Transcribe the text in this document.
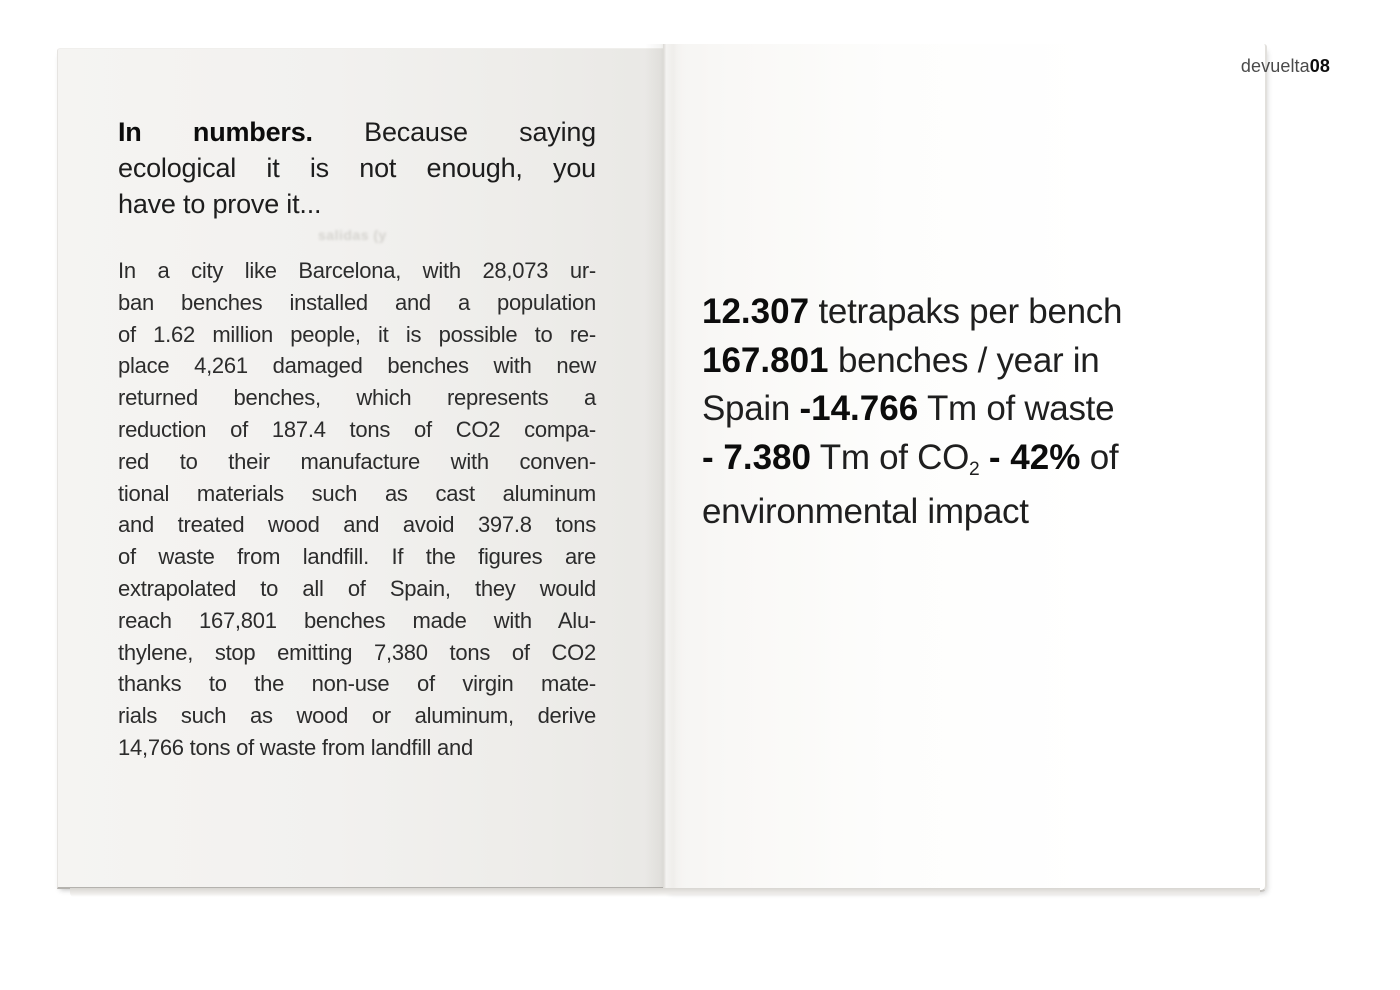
devuelta08
salidas (y
In numbers. Because saying
ecological it is not enough, you
have to prove it...
In a city like Barcelona, with 28,073 ur-
ban benches installed and a population
of 1.62 million people, it is possible to re-
place 4,261 damaged benches with new
returned benches, which represents a
reduction of 187.4 tons of CO2 compa-
red to their manufacture with conven-
tional materials such as cast aluminum
and treated wood and avoid 397.8 tons
of waste from landfill. If the figures are
extrapolated to all of Spain, they would
reach 167,801 benches made with Alu-
thylene, stop emitting 7,380 tons of CO2
thanks to the non-use of virgin mate-
rials such as wood or aluminum, derive
14,766 tons of waste from landfill and
12.307 tetrapaks per bench
167.801 benches / year in
Spain -14.766 Tm of waste
- 7.380 Tm of CO2 - 42% of
environmental impact
